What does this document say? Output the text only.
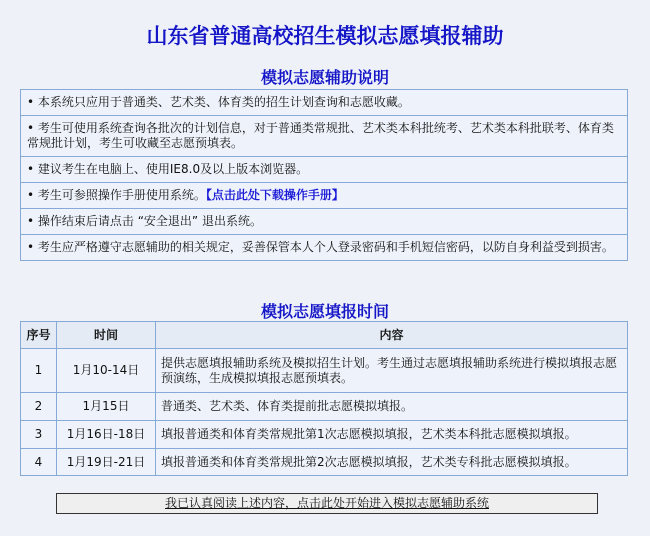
山东省普通高校招生模拟志愿填报辅助
模拟志愿辅助说明
• 本系统只应用于普通类、艺术类、体育类的招生计划查询和志愿收藏。
• 考生可使用系统查询各批次的计划信息，对于普通类常规批、艺术类本科批统考、艺术类本科批联考、体育类常规批计划，考生可收藏至志愿预填表。
• 建议考生在电脑上、使用IE8.0及以上版本浏览器。
• 考生可参照操作手册使用系统。【点击此处下载操作手册】
• 操作结束后请点击 “安全退出” 退出系统。
• 考生应严格遵守志愿辅助的相关规定，妥善保管本人个人登录密码和手机短信密码，以防自身利益受到损害。
模拟志愿填报时间
序号	时间	内容
1	1月10-14日	提供志愿填报辅助系统及模拟招生计划。考生通过志愿填报辅助系统进行模拟填报志愿预演练，生成模拟填报志愿预填表。
2	1月15日	普通类、艺术类、体育类提前批志愿模拟填报。
3	1月16日-18日	填报普通类和体育类常规批第1次志愿模拟填报，艺术类本科批志愿模拟填报。
4	1月19日-21日	填报普通类和体育类常规批第2次志愿模拟填报，艺术类专科批志愿模拟填报。
我已认真阅读上述内容，点击此处开始进入模拟志愿辅助系统
